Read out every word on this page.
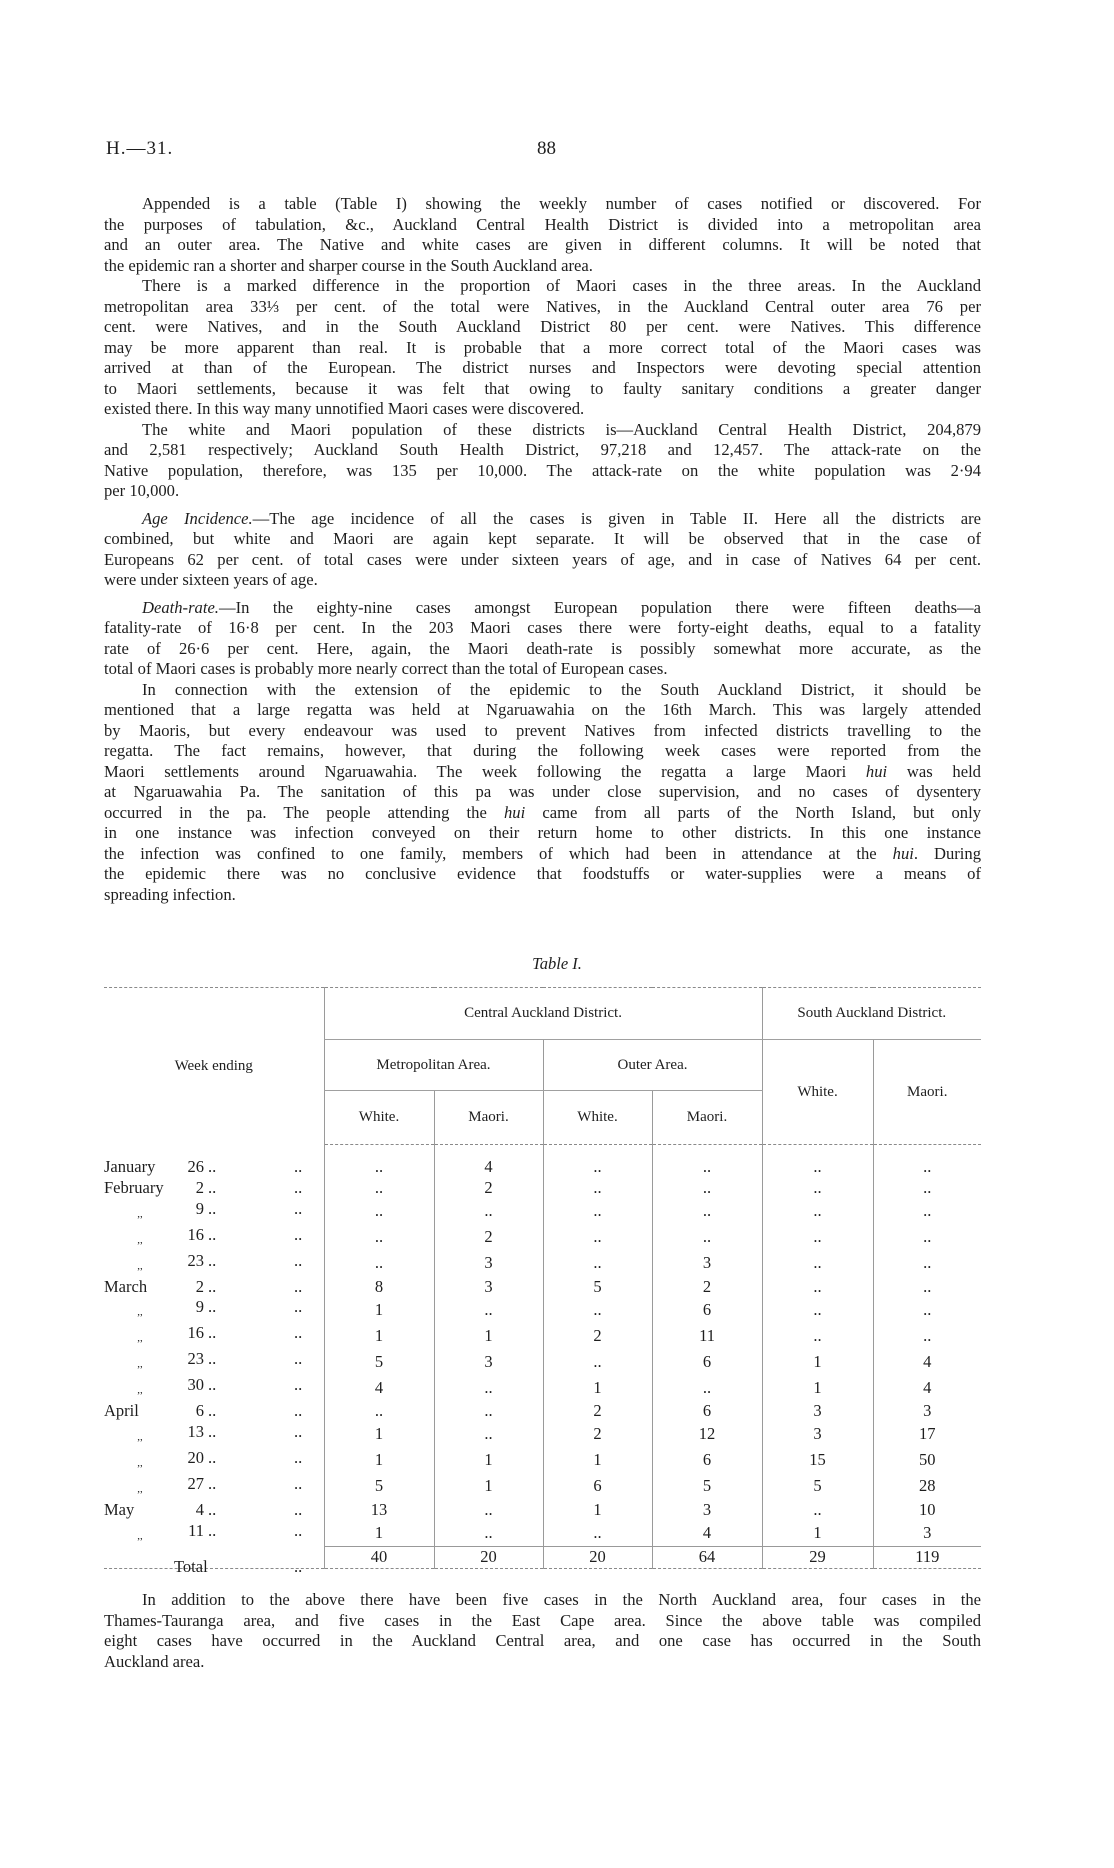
H.—31.	88

Appended is a table (Table I) showing the weekly number of cases notified or discovered. For
the purposes of tabulation, &c., Auckland Central Health District is divided into a metropolitan area
and an outer area. The Native and white cases are given in different columns. It will be noted that
the epidemic ran a shorter and sharper course in the South Auckland area.

There is a marked difference in the proportion of Maori cases in the three areas. In the Auckland
metropolitan area 33⅓ per cent. of the total were Natives, in the Auckland Central outer area 76 per
cent. were Natives, and in the South Auckland District 80 per cent. were Natives. This difference
may be more apparent than real. It is probable that a more correct total of the Maori cases was
arrived at than of the European. The district nurses and Inspectors were devoting special attention
to Maori settlements, because it was felt that owing to faulty sanitary conditions a greater danger
existed there. In this way many unnotified Maori cases were discovered.

The white and Maori population of these districts is—Auckland Central Health District, 204,879
and 2,581 respectively; Auckland South Health District, 97,218 and 12,457. The attack-rate on the
Native population, therefore, was 135 per 10,000. The attack-rate on the white population was 2·94
per 10,000.

Age Incidence.—The age incidence of all the cases is given in Table II. Here all the districts are
combined, but white and Maori are again kept separate. It will be observed that in the case of
Europeans 62 per cent. of total cases were under sixteen years of age, and in case of Natives 64 per cent.
were under sixteen years of age.

Death-rate.—In the eighty-nine cases amongst European population there were fifteen deaths—a
fatality-rate of 16·8 per cent. In the 203 Maori cases there were forty-eight deaths, equal to a fatality
rate of 26·6 per cent. Here, again, the Maori death-rate is possibly somewhat more accurate, as the
total of Maori cases is probably more nearly correct than the total of European cases.

In connection with the extension of the epidemic to the South Auckland District, it should be
mentioned that a large regatta was held at Ngaruawahia on the 16th March. This was largely attended
by Maoris, but every endeavour was used to prevent Natives from infected districts travelling to the
regatta. The fact remains, however, that during the following week cases were reported from the
Maori settlements around Ngaruawahia. The week following the regatta a large Maori hui was held
at Ngaruawahia Pa. The sanitation of this pa was under close supervision, and no cases of dysentery
occurred in the pa. The people attending the hui came from all parts of the North Island, but only
in one instance was infection conveyed on their return home to other districts. In this one instance
the infection was confined to one family, members of which had been in attendance at the hui. During
the epidemic there was no conclusive evidence that foodstuffs or water-supplies were a means of
spreading infection.

Table I.
Week ending	Central Auckland District.				South Auckland District.	
	Metropolitan Area.		Outer Area.		White.	Maori.
	White.	Maori.	White.	Maori.		
January 26 .. ..	..	4	..	..	..	..
February 2 .. ..	..	2	..	..	..	..
,, 9 .. ..	..	..	..	..	..	..
,, 16 .. ..	..	2	..	..	..	..
,, 23 .. ..	..	3	..	3	..	..
March 2 .. ..	8	3	5	2	..	..
,, 9 .. ..	1	..	..	6	..	..
,, 16 .. ..	1	1	2	11	..	..
,, 23 .. ..	5	3	..	6	1	4
,, 30 .. ..	4	..	1	..	1	4
April 6 .. ..	..	..	2	6	3	3
,, 13 .. ..	1	..	2	12	3	17
,, 20 .. ..	1	1	1	6	15	50
,, 27 .. ..	5	1	6	5	5	28
May 4 .. ..	13	..	1	3	..	10
,, 11 .. ..	1	..	..	4	1	3

Total ..	40	20	20	64	29	119

In addition to the above there have been five cases in the North Auckland area, four cases in the
Thames-Tauranga area, and five cases in the East Cape area. Since the above table was compiled
eight cases have occurred in the Auckland Central area, and one case has occurred in the South
Auckland area.
